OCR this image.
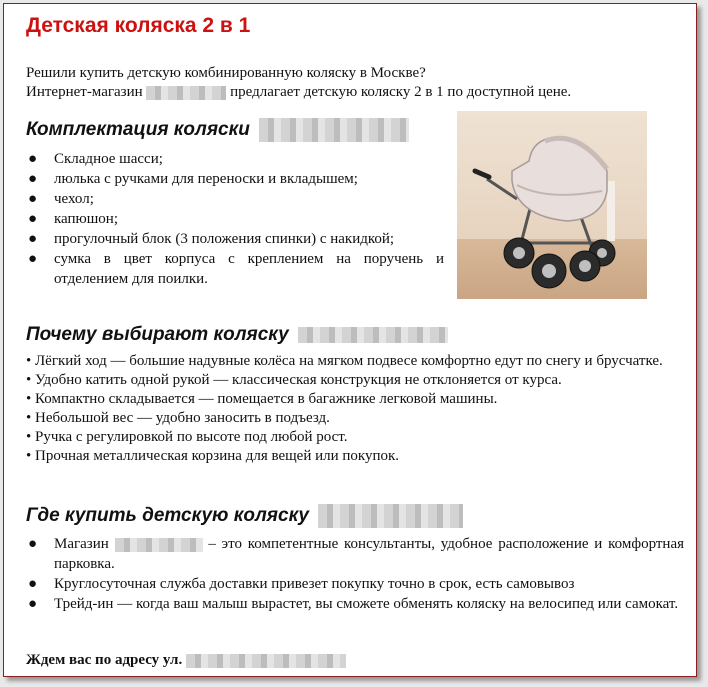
Детская коляска 2 в 1
Решили купить детскую комбинированную коляску в Москве?
Интернет-магазин	предлагает детскую коляску 2 в 1 по доступной цене.
Комплектация коляски
● Складное шасси;
● люлька с ручками для переноски и вкладышем;
● чехол;
● капюшон;
● прогулочный блок (3 положения спинки) с накидкой;
● сумка в цвет корпуса с креплением на поручень и отделением для поилки.
Почему выбирают коляску
• Лёгкий ход — большие надувные колёса на мягком подвесе комфортно едут по снегу и брусчатке.
• Удобно катить одной рукой — классическая конструкция не отклоняется от курса.
• Компактно складывается — помещается в багажнике легковой машины.
• Небольшой вес — удобно заносить в подъезд.
• Ручка с регулировкой по высоте под любой рост.
• Прочная металлическая корзина для вещей или покупок.
Где купить детскую коляску
● Магазин	– это компетентные консультанты, удобное расположение и комфортная парковка.
● Круглосуточная служба доставки привезет покупку точно в срок, есть самовывоз
● Трейд-ин — когда ваш малыш вырастет, вы сможете обменять коляску на велосипед или самокат.
Ждем вас по адресу ул.
